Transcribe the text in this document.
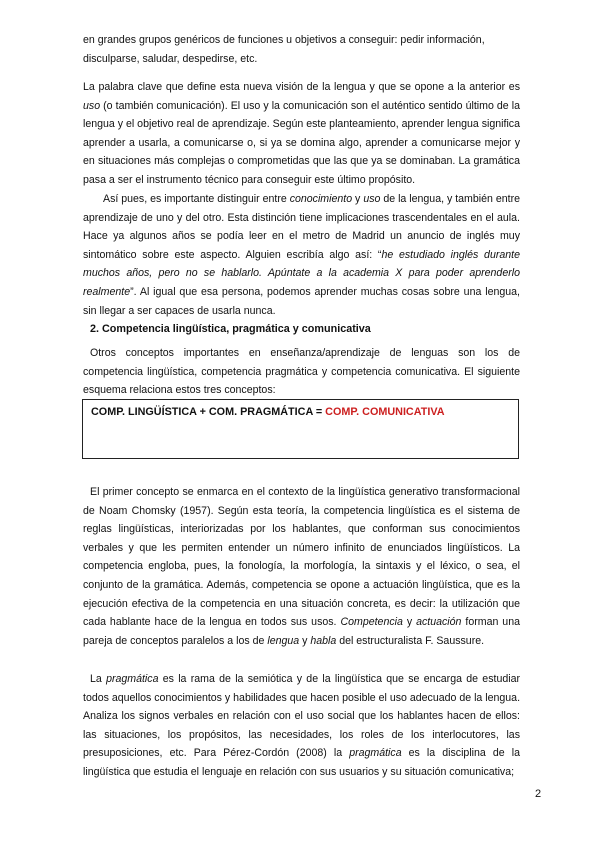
en grandes grupos genéricos de funciones u objetivos a conseguir: pedir información,
disculparse, saludar, despedirse, etc.

La palabra clave que define esta nueva visión de la lengua y que se opone a la anterior es uso (o también comunicación). El uso y la comunicación son el auténtico sentido último de la lengua y el objetivo real de aprendizaje. Según este planteamiento, aprender lengua significa aprender a usarla, a comunicarse o, si ya se domina algo, aprender a comunicarse mejor y en situaciones más complejas o comprometidas que las que ya se dominaban. La gramática pasa a ser el instrumento técnico para conseguir este último propósito.

Así pues, es importante distinguir entre conocimiento y uso de la lengua, y también entre aprendizaje de uno y del otro. Esta distinción tiene implicaciones trascendentales en el aula. Hace ya algunos años se podía leer en el metro de Madrid un anuncio de inglés muy sintomático sobre este aspecto. Alguien escribía algo así: “he estudiado inglés durante muchos años, pero no se hablarlo. Apúntate a la academia X para poder aprenderlo realmente”. Al igual que esa persona, podemos aprender muchas cosas sobre una lengua, sin llegar a ser capaces de usarla nunca.

2. Competencia lingüística, pragmática y comunicativa

Otros conceptos importantes en enseñanza/aprendizaje de lenguas son los de competencia lingüística, competencia pragmática y competencia comunicativa. El siguiente esquema relaciona estos tres conceptos:

COMP. LINGÜÍSTICA + COM. PRAGMÁTICA = COMP. COMUNICATIVA

El primer concepto se enmarca en el contexto de la lingüística generativo transformacional de Noam Chomsky (1957). Según esta teoría, la competencia lingüística es el sistema de reglas lingüísticas, interiorizadas por los hablantes, que conforman sus conocimientos verbales y que les permiten entender un número infinito de enunciados lingüísticos. La competencia engloba, pues, la fonología, la morfología, la sintaxis y el léxico, o sea, el conjunto de la gramática. Además, competencia se opone a actuación lingüística, que es la ejecución efectiva de la competencia en una situación concreta, es decir: la utilización que cada hablante hace de la lengua en todos sus usos. Competencia y actuación forman una pareja de conceptos paralelos a los de lengua y habla del estructuralista F. Saussure.

La pragmática es la rama de la semiótica y de la lingüística que se encarga de estudiar todos aquellos conocimientos y habilidades que hacen posible el uso adecuado de la lengua. Analiza los signos verbales en relación con el uso social que los hablantes hacen de ellos: las situaciones, los propósitos, las necesidades, los roles de los interlocutores, las presuposiciones, etc. Para Pérez-Cordón (2008) la pragmática es la disciplina de la lingüística que estudia el lenguaje en relación con sus usuarios y su situación comunicativa;

2
